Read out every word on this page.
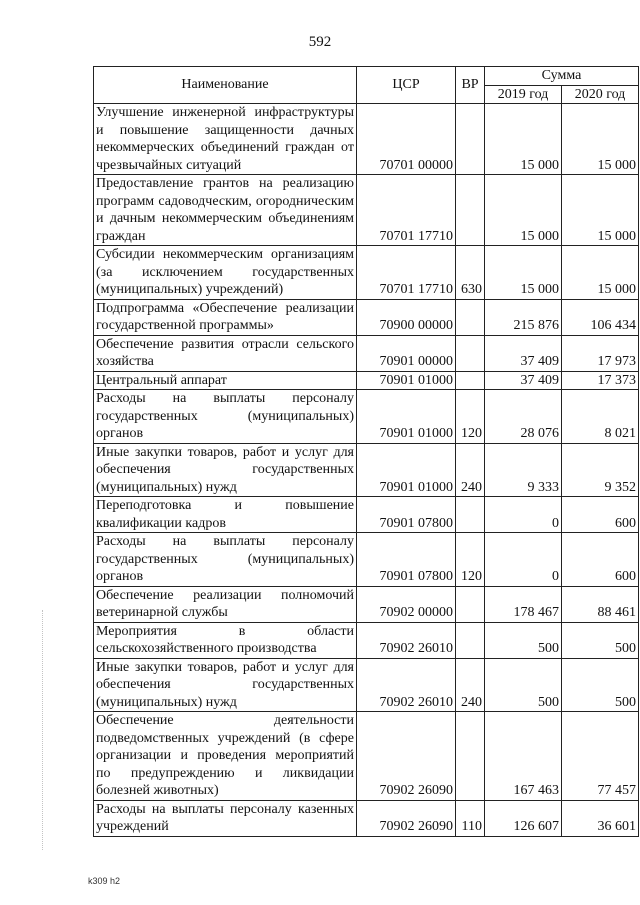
592
Наименование	ЦСР	ВР	Сумма	
			2019 год	2020 год
Улучшение инженерной инфраструктуры и повышение защищенности дачных некоммерческих объединений граждан от чрезвычайных ситуаций	70701 00000		15 000	15 000
Предоставление грантов на реализацию программ садоводческим, огородническим и дачным некоммерческим объединениям граждан	70701 17710		15 000	15 000
Субсидии некоммерческим организациям (за исключением государственных (муниципальных) учреждений)	70701 17710	630	15 000	15 000
Подпрограмма «Обеспечение реализации государственной программы»	70900 00000		215 876	106 434
Обеспечение развития отрасли сельского хозяйства	70901 00000		37 409	17 973
Центральный аппарат	70901 01000		37 409	17 373
Расходы на выплаты персоналу государственных (муниципальных) органов	70901 01000	120	28 076	8 021
Иные закупки товаров, работ и услуг для обеспечения государственных (муниципальных) нужд	70901 01000	240	9 333	9 352
Переподготовка и повышение квалификации кадров	70901 07800		0	600
Расходы на выплаты персоналу государственных (муниципальных) органов	70901 07800	120	0	600
Обеспечение реализации полномочий ветеринарной службы	70902 00000		178 467	88 461
Мероприятия в области сельскохозяйственного производства	70902 26010		500	500
Иные закупки товаров, работ и услуг для обеспечения государственных (муниципальных) нужд	70902 26010	240	500	500
Обеспечение деятельности подведомственных учреждений (в сфере организации и проведения мероприятий по предупреждению и ликвидации болезней животных)	70902 26090		167 463	77 457
Расходы на выплаты персоналу казенных учреждений	70902 26090	110	126 607	36 601
k309 h2
